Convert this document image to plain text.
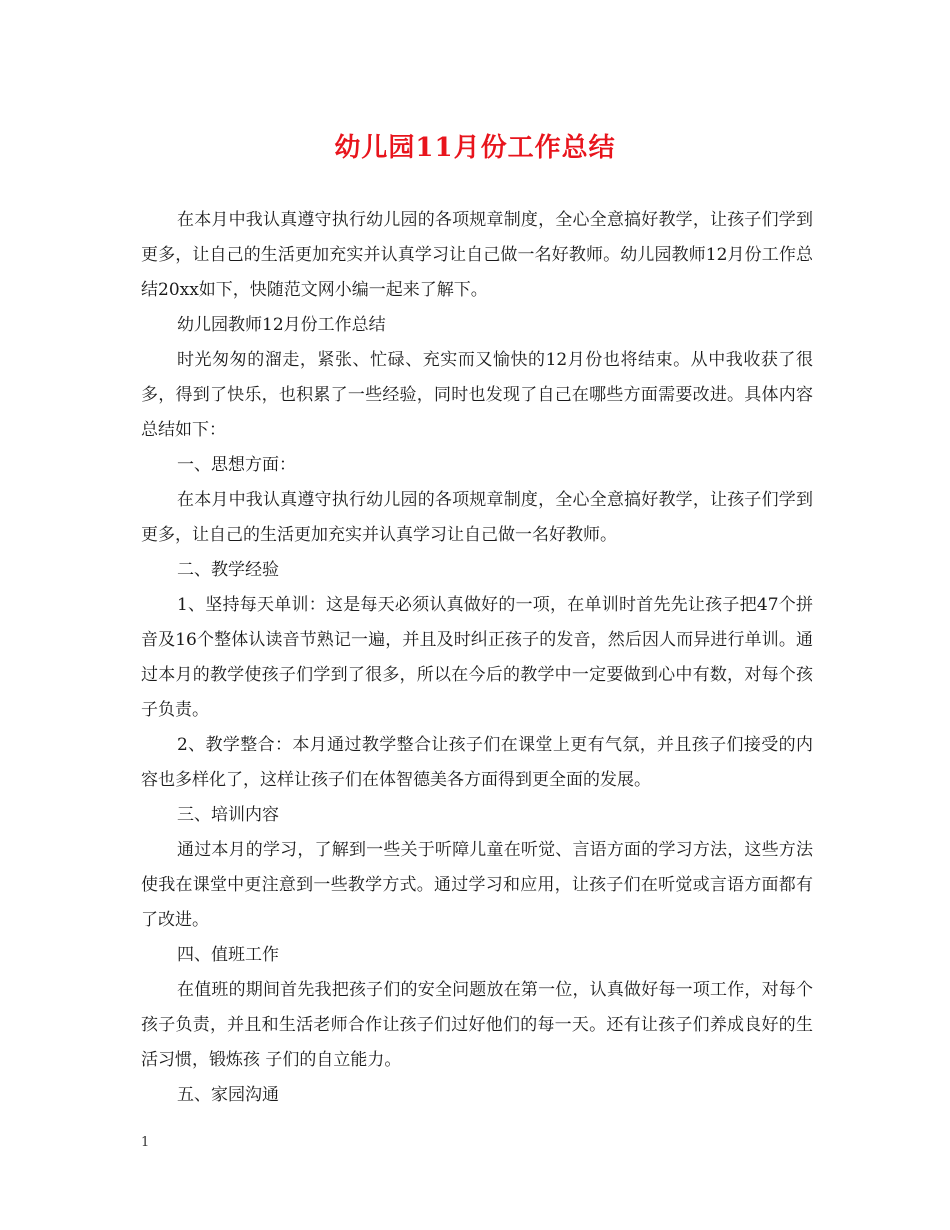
幼儿园11月份工作总结

在本月中我认真遵守执行幼儿园的各项规章制度，全心全意搞好教学，让孩子们学到更多，让自己的生活更加充实并认真学习让自己做一名好教师。幼儿园教师12月份工作总结20xx如下，快随范文网小编一起来了解下。

幼儿园教师12月份工作总结

时光匆匆的溜走，紧张、忙碌、充实而又愉快的12月份也将结束。从中我收获了很多，得到了快乐，也积累了一些经验，同时也发现了自己在哪些方面需要改进。具体内容总结如下：

一、思想方面：

在本月中我认真遵守执行幼儿园的各项规章制度，全心全意搞好教学，让孩子们学到更多，让自己的生活更加充实并认真学习让自己做一名好教师。

二、教学经验

1、坚持每天单训：这是每天必须认真做好的一项，在单训时首先先让孩子把47个拼音及16个整体认读音节熟记一遍，并且及时纠正孩子的发音，然后因人而异进行单训。通过本月的教学使孩子们学到了很多，所以在今后的教学中一定要做到心中有数，对每个孩子负责。

2、教学整合：本月通过教学整合让孩子们在课堂上更有气氛，并且孩子们接受的内容也多样化了，这样让孩子们在体智德美各方面得到更全面的发展。

三、培训内容

通过本月的学习，了解到一些关于听障儿童在听觉、言语方面的学习方法，这些方法使我在课堂中更注意到一些教学方式。通过学习和应用，让孩子们在听觉或言语方面都有了改进。

四、值班工作

在值班的期间首先我把孩子们的安全问题放在第一位，认真做好每一项工作，对每个孩子负责，并且和生活老师合作让孩子们过好他们的每一天。还有让孩子们养成良好的生活习惯，锻炼孩 子们的自立能力。

五、家园沟通

1
